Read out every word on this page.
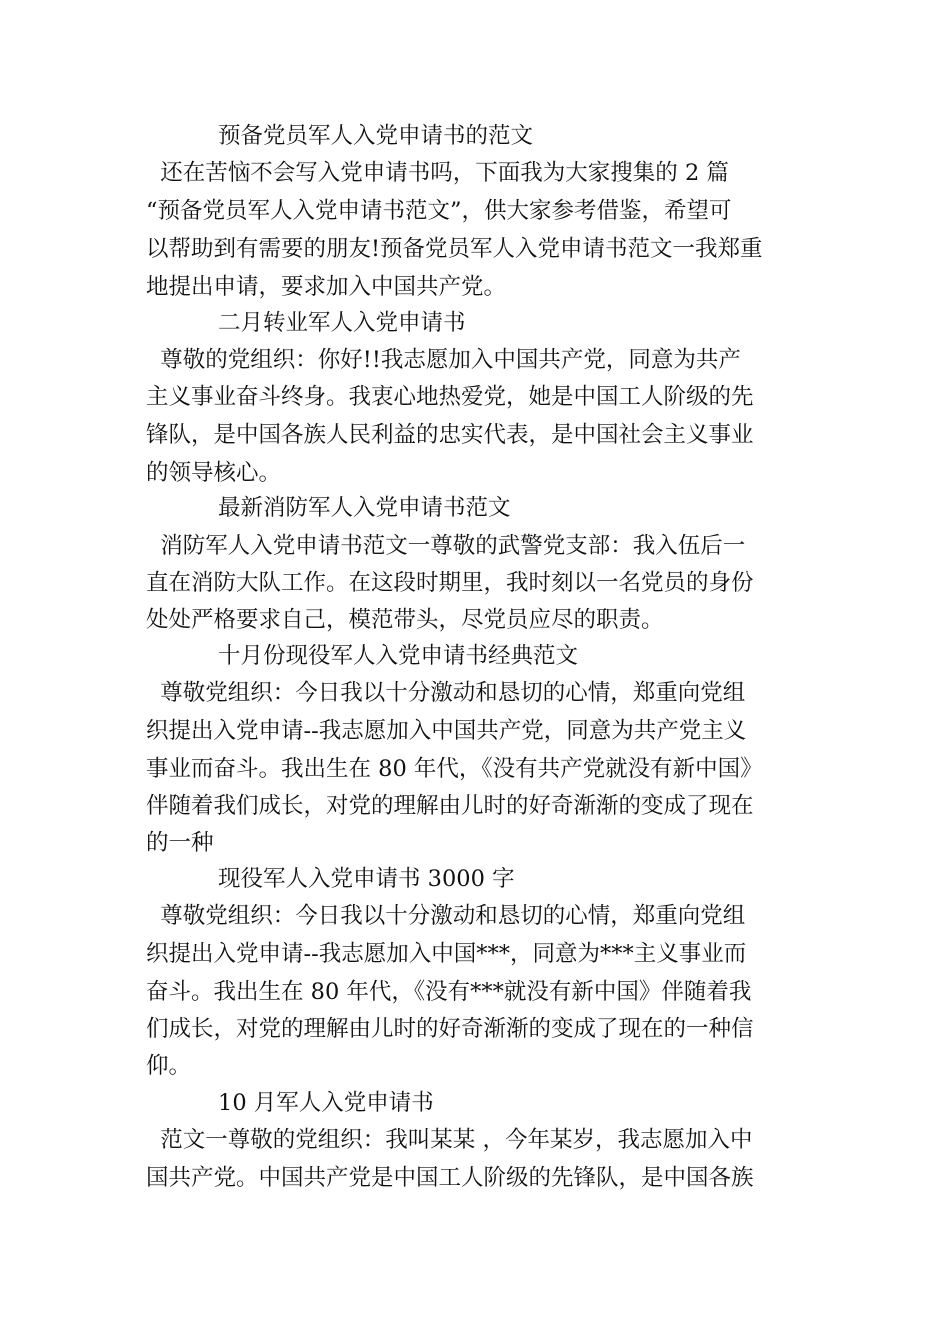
预备党员军人入党申请书的范文
还在苦恼不会写入党申请书吗，下面我为大家搜集的 2 篇
“预备党员军人入党申请书范文”，供大家参考借鉴，希望可
以帮助到有需要的朋友!预备党员军人入党申请书范文一我郑重
地提出申请，要求加入中国共产党。
二月转业军人入党申请书
尊敬的党组织：你好!!我志愿加入中国共产党，同意为共产
主义事业奋斗终身。我衷心地热爱党，她是中国工人阶级的先
锋队，是中国各族人民利益的忠实代表，是中国社会主义事业
的领导核心。
最新消防军人入党申请书范文
消防军人入党申请书范文一尊敬的武警党支部：我入伍后一
直在消防大队工作。在这段时期里，我时刻以一名党员的身份
处处严格要求自己，模范带头，尽党员应尽的职责。
十月份现役军人入党申请书经典范文
尊敬党组织：今日我以十分激动和恳切的心情，郑重向党组
织提出入党申请--我志愿加入中国共产党，同意为共产党主义
事业而奋斗。我出生在 80 年代，《没有共产党就没有新中国》
伴随着我们成长，对党的理解由儿时的好奇渐渐的变成了现在
的一种
现役军人入党申请书 3000 字
尊敬党组织：今日我以十分激动和恳切的心情，郑重向党组
织提出入党申请--我志愿加入中国***，同意为***主义事业而
奋斗。我出生在 80 年代，《没有***就没有新中国》伴随着我
们成长，对党的理解由儿时的好奇渐渐的变成了现在的一种信
仰。
10 月军人入党申请书
范文一尊敬的党组织：我叫某某 ，今年某岁，我志愿加入中
国共产党。中国共产党是中国工人阶级的先锋队，是中国各族
